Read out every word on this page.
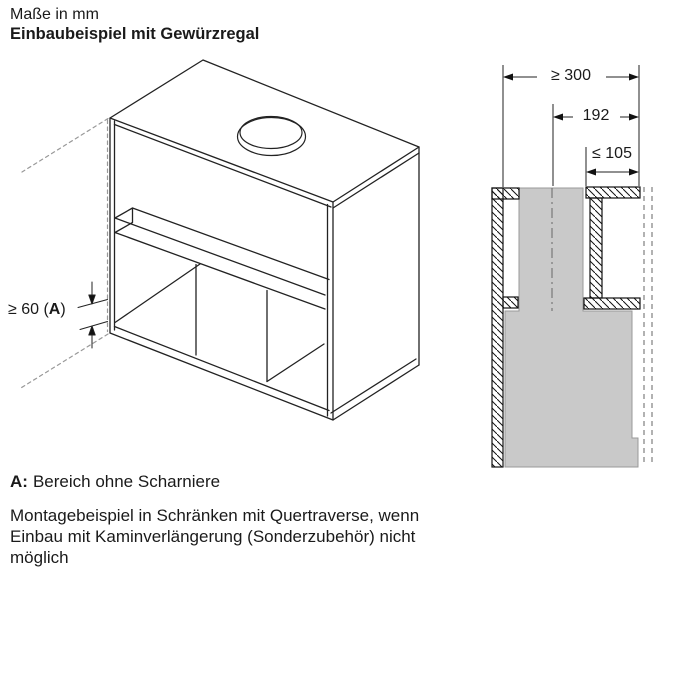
Maße in mm
Einbaubeispiel mit Gewürzregal
≥ 300
192
≤ 105
≥ 60 (A)
A: Bereich ohne Scharniere
Montagebeispiel in Schränken mit Quertraverse, wenn Einbau mit Kaminverlängerung (Sonderzubehör) nicht möglich
